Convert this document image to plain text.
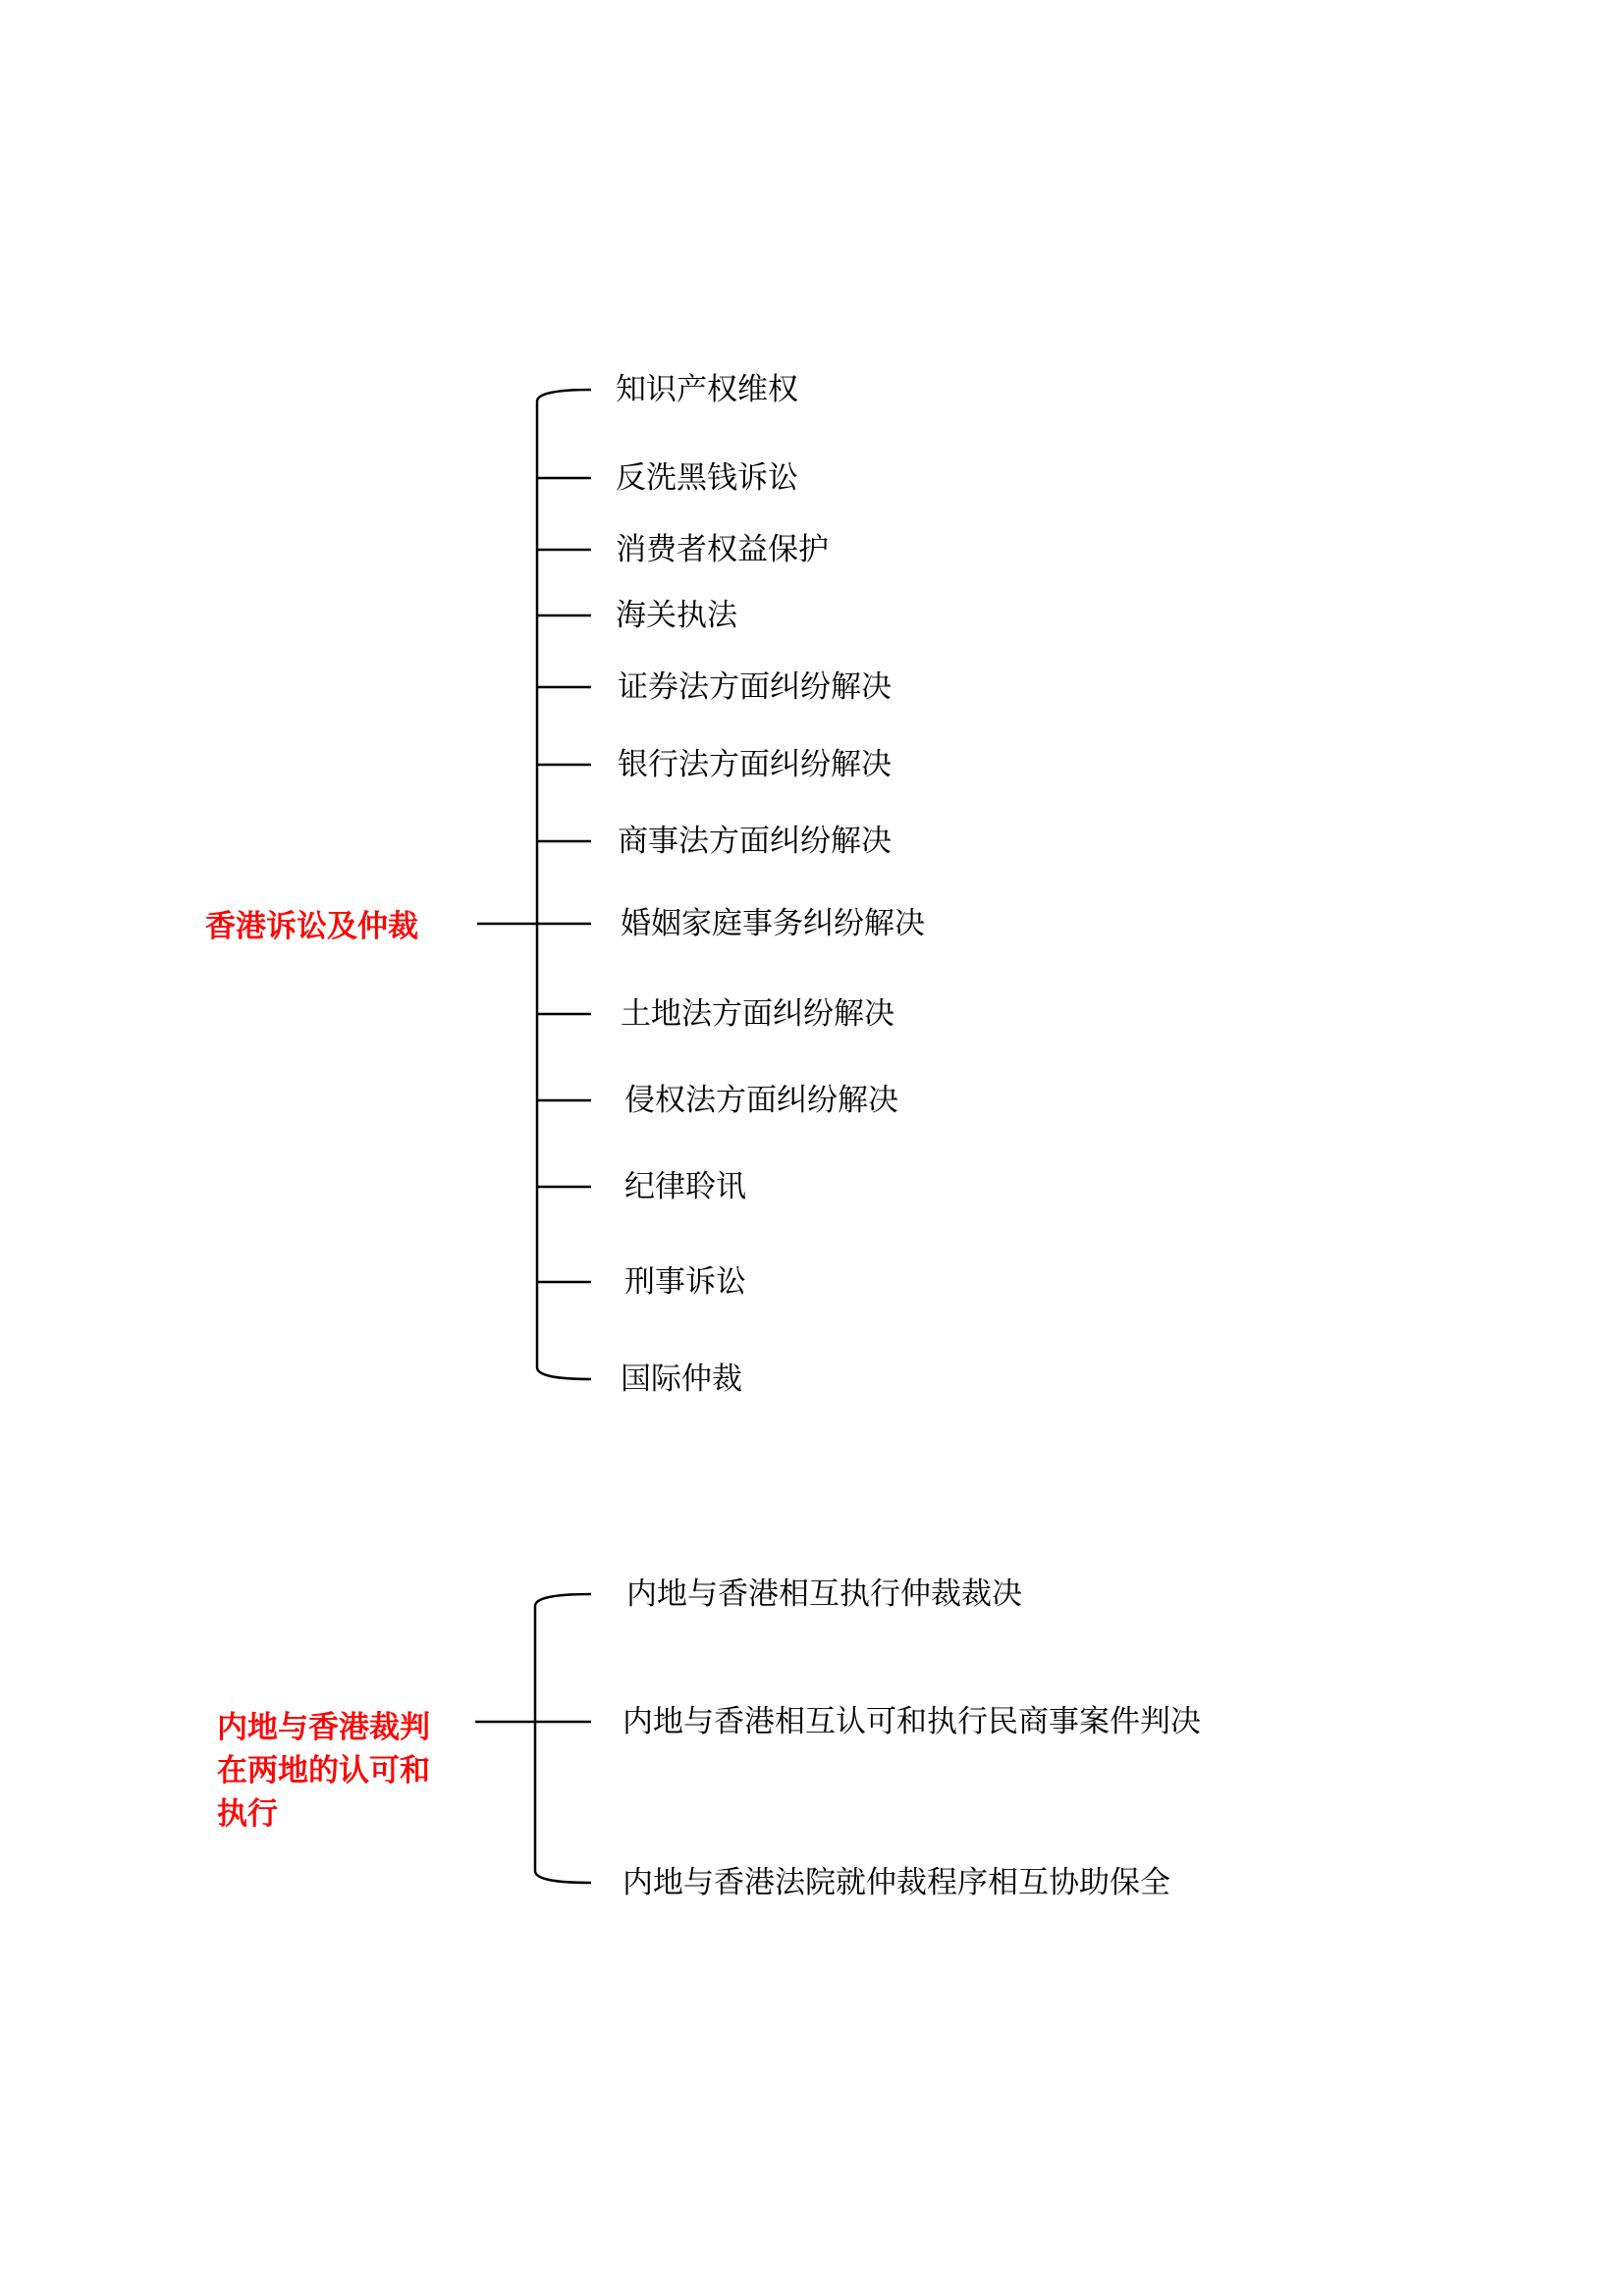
香港诉讼及仲裁
知识产权维权
反洗黑钱诉讼
消费者权益保护
海关执法
证券法方面纠纷解决
银行法方面纠纷解决
商事法方面纠纷解决
婚姻家庭事务纠纷解决
土地法方面纠纷解决
侵权法方面纠纷解决
纪律聆讯
刑事诉讼
国际仲裁
内地与香港裁判
在两地的认可和
执行
内地与香港相互执行仲裁裁决
内地与香港相互认可和执行民商事案件判决
内地与香港法院就仲裁程序相互协助保全
